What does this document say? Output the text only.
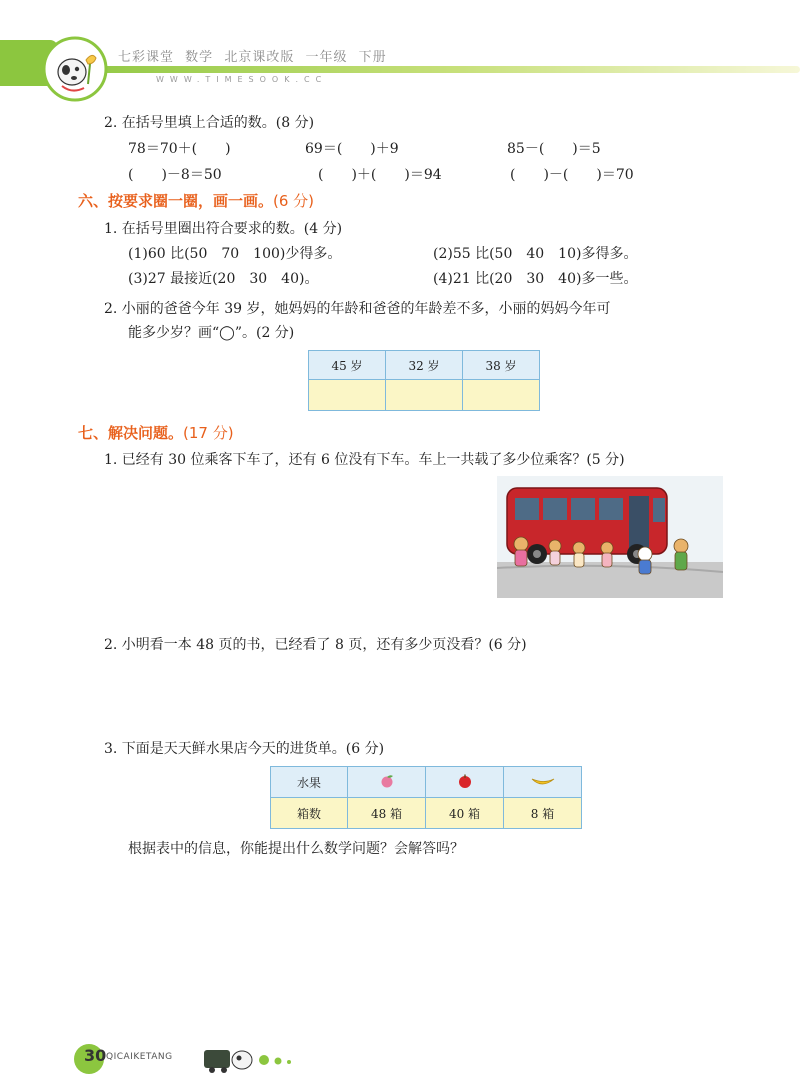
七彩课堂 数学 北京课改版 一年级 下册
WWW.TIMESOOK.CC
2. 在括号里填上合适的数。(8 分)
78＝70＋(　　)	69＝(　　)＋9	85－(　　)＝5
(　　)－8＝50	(　　)＋(　　)＝94	(　　)－(　　)＝70
六、按要求圈一圈，画一画。(6 分)
1. 在括号里圈出符合要求的数。(4 分)
(1)60 比(50　70　100)少得多。	(2)55 比(50　40　10)多得多。
(3)27 最接近(20　30　40)。	(4)21 比(20　30　40)多一些。
2. 小丽的爸爸今年 39 岁，她妈妈的年龄和爸爸的年龄差不多，小丽的妈妈今年可
能多少岁？画“◯”。(2 分)
45 岁	32 岁	38 岁

七、解决问题。(17 分)
1. 已经有 30 位乘客下车了，还有 6 位没有下车。车上一共载了多少位乘客？(5 分)
2. 小明看一本 48 页的书，已经看了 8 页，还有多少页没看？(6 分)
3. 下面是天天鲜水果店今天的进货单。(6 分)
水果			
箱数	48 箱	40 箱	8 箱
根据表中的信息，你能提出什么数学问题？会解答吗？
30 QICAIKETANG
